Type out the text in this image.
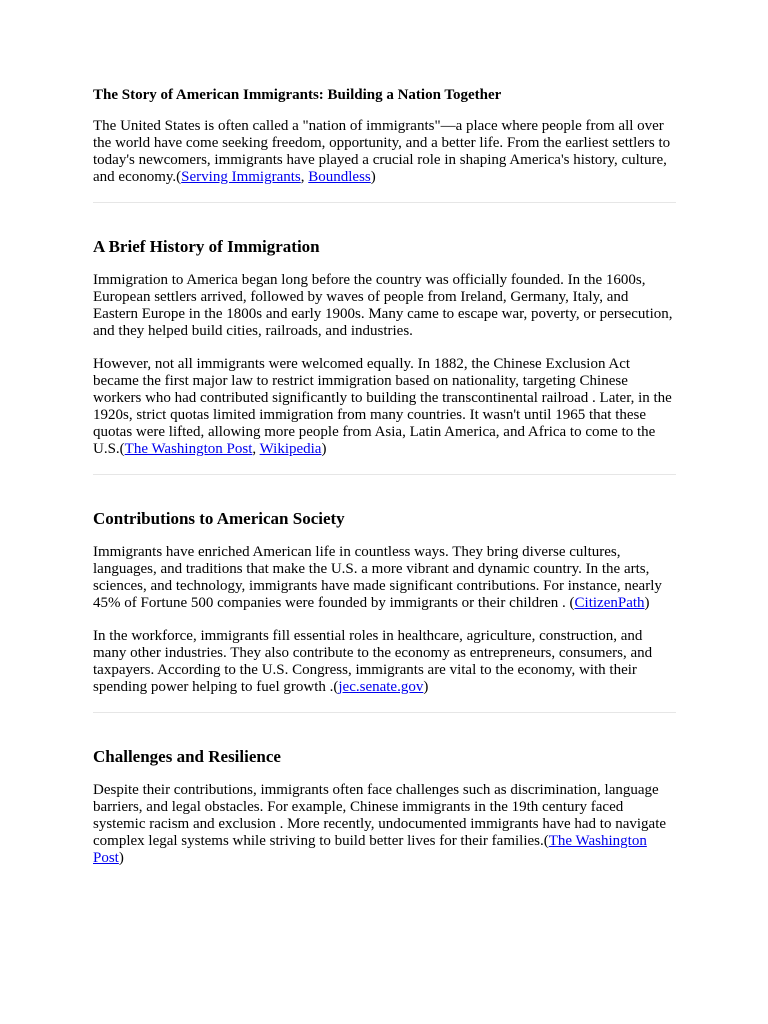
The Story of American Immigrants: Building a Nation Together

The United States is often called a "nation of immigrants"—a place where people from all over the world have come seeking freedom, opportunity, and a better life. From the earliest settlers to today's newcomers, immigrants have played a crucial role in shaping America's history, culture, and economy.(Serving Immigrants, Boundless)

A Brief History of Immigration

Immigration to America began long before the country was officially founded. In the 1600s, European settlers arrived, followed by waves of people from Ireland, Germany, Italy, and Eastern Europe in the 1800s and early 1900s. Many came to escape war, poverty, or persecution, and they helped build cities, railroads, and industries.

However, not all immigrants were welcomed equally. In 1882, the Chinese Exclusion Act became the first major law to restrict immigration based on nationality, targeting Chinese workers who had contributed significantly to building the transcontinental railroad . Later, in the 1920s, strict quotas limited immigration from many countries. It wasn't until 1965 that these quotas were lifted, allowing more people from Asia, Latin America, and Africa to come to the U.S.(The Washington Post, Wikipedia)

Contributions to American Society

Immigrants have enriched American life in countless ways. They bring diverse cultures, languages, and traditions that make the U.S. a more vibrant and dynamic country. In the arts, sciences, and technology, immigrants have made significant contributions. For instance, nearly 45% of Fortune 500 companies were founded by immigrants or their children . (CitizenPath)

In the workforce, immigrants fill essential roles in healthcare, agriculture, construction, and many other industries. They also contribute to the economy as entrepreneurs, consumers, and taxpayers. According to the U.S. Congress, immigrants are vital to the economy, with their spending power helping to fuel growth .(jec.senate.gov)

Challenges and Resilience

Despite their contributions, immigrants often face challenges such as discrimination, language barriers, and legal obstacles. For example, Chinese immigrants in the 19th century faced systemic racism and exclusion . More recently, undocumented immigrants have had to navigate complex legal systems while striving to build better lives for their families.(The Washington Post)
